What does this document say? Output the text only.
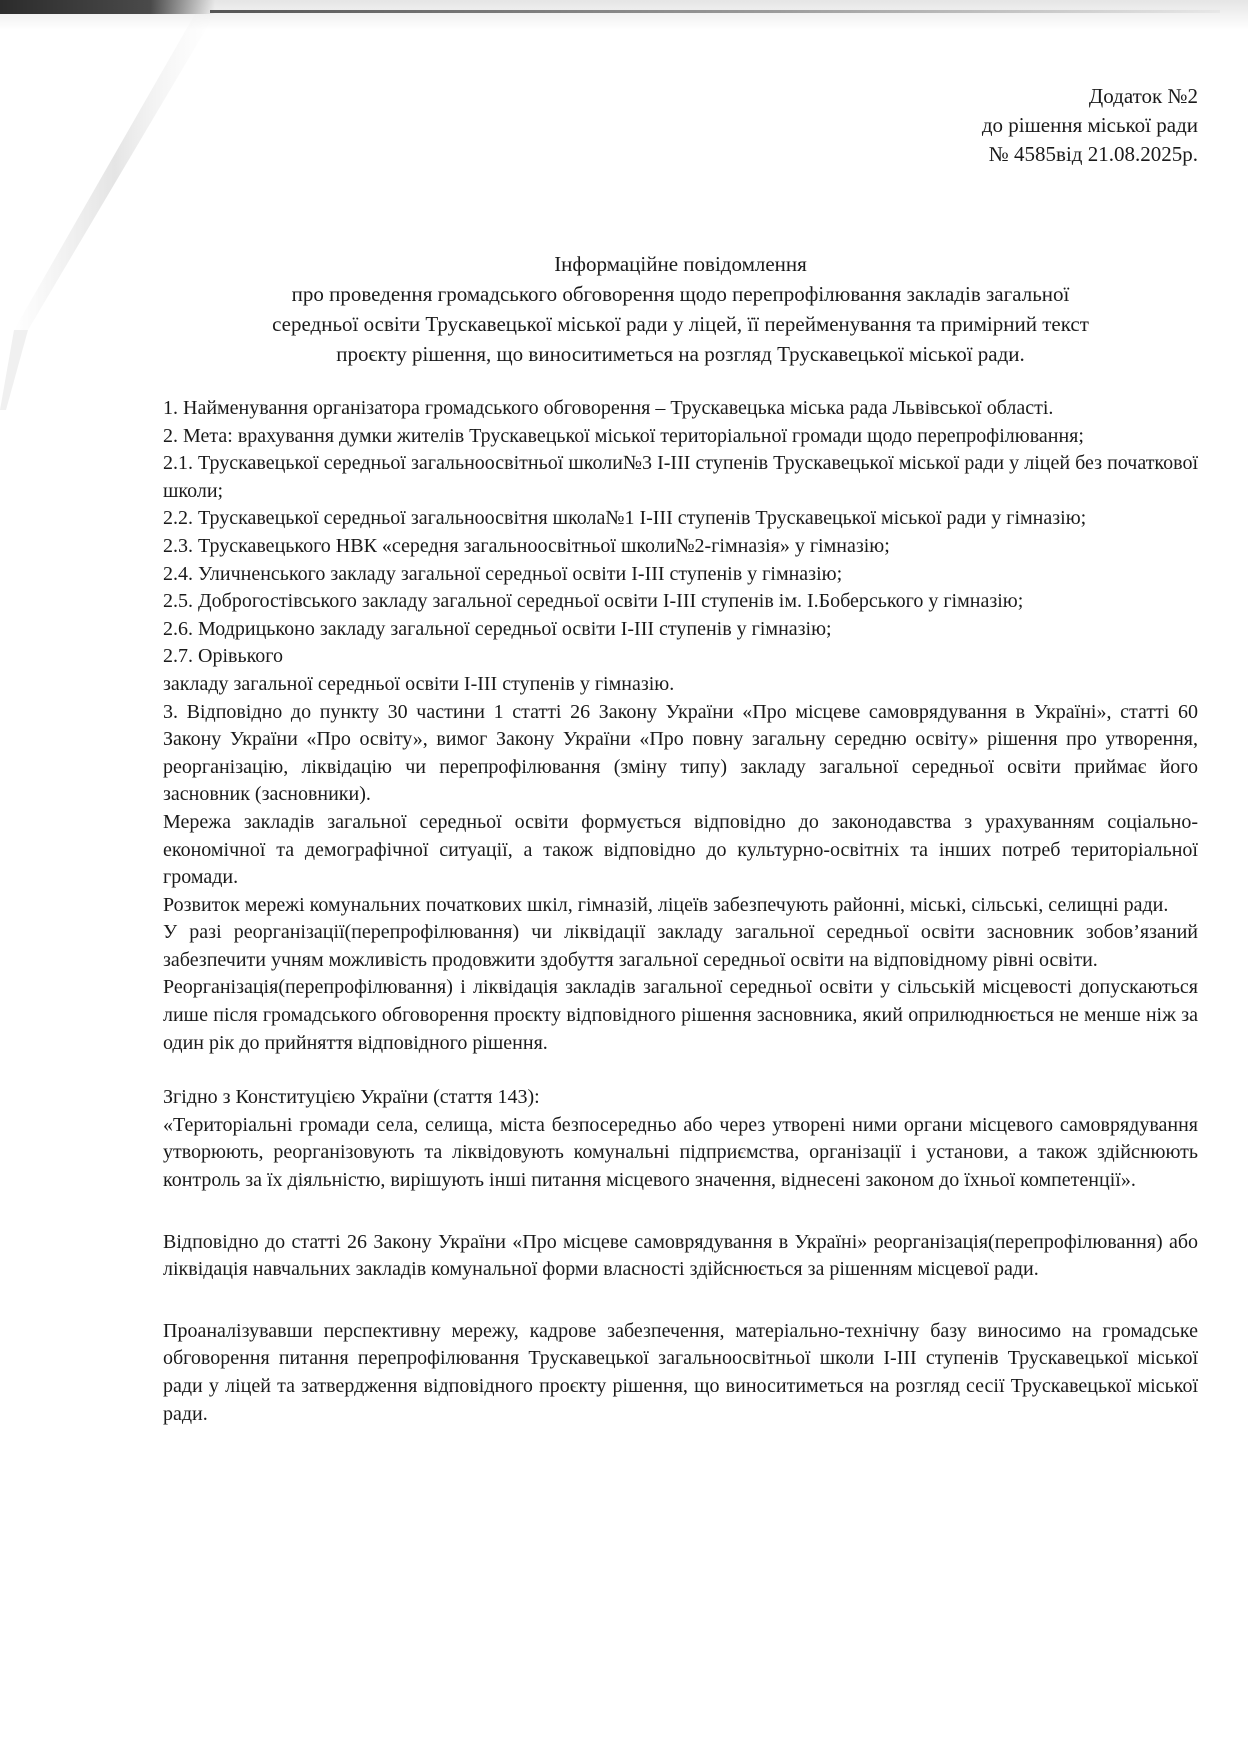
Додаток №2
до рішення міської ради
№ 4585від 21.08.2025р.
Інформаційне повідомлення
про проведення громадського обговорення щодо перепрофілювання закладів загальної
середньої освіти Трускавецької міської ради у ліцей, її перейменування та примірний текст
проєкту рішення, що виноситиметься на розгляд Трускавецької міської ради.

1. Найменування організатора громадського обговорення – Трускавецька міська рада Львівської області.

2. Мета: врахування думки жителів Трускавецької міської територіальної громади щодо перепрофілювання;

2.1. Трускавецької середньої загальноосвітньої школи№3 І-ІІІ ступенів Трускавецької міської ради у ліцей без початкової школи;

2.2. Трускавецької середньої загальноосвітня школа№1 І-ІІІ ступенів Трускавецької міської ради у гімназію;

2.3. Трускавецького НВК «середня загальноосвітньої школи№2-гімназія» у гімназію;

2.4. Уличненського закладу загальної середньої освіти І-ІІІ ступенів у гімназію;

2.5. Доброгостівського закладу загальної середньої освіти І-ІІІ ступенів ім. І.Боберського у гімназію;

2.6. Модрицьконо закладу загальної середньої освіти І-ІІІ ступенів у гімназію;

2.7. Орівького

закладу загальної середньої освіти І-ІІІ ступенів у гімназію.

3. Відповідно до пункту 30 частини 1 статті 26 Закону України «Про місцеве самоврядування в Україні», статті 60 Закону України «Про освіту», вимог Закону України «Про повну загальну середню освіту» рішення про утворення, реорганізацію, ліквідацію чи перепрофілювання (зміну типу) закладу загальної середньої освіти приймає його засновник (засновники).

Мережа закладів загальної середньої освіти формується відповідно до законодавства з урахуванням соціально-економічної та демографічної ситуації, а також відповідно до культурно-освітніх та інших потреб територіальної громади.

Розвиток мережі комунальних початкових шкіл, гімназій, ліцеїв забезпечують районні, міські, сільські, селищні ради.

У разі реорганізації(перепрофілювання) чи ліквідації закладу загальної середньої освіти засновник зобов’язаний забезпечити учням можливість продовжити здобуття загальної середньої освіти на відповідному рівні освіти.

Реорганізація(перепрофілювання) і ліквідація закладів загальної середньої освіти у сільській місцевості допускаються лише після громадського обговорення проєкту відповідного рішення засновника, який оприлюднюється не менше ніж за один рік до прийняття відповідного рішення.

Згідно з Конституцією України (стаття 143):

«Територіальні громади села, селища, міста безпосередньо або через утворені ними органи місцевого самоврядування утворюють, реорганізовують та ліквідовують комунальні підприємства, організації і установи, а також здійснюють контроль за їх діяльністю, вирішують інші питання місцевого значення, віднесені законом до їхньої компетенції».

Відповідно до статті 26 Закону України «Про місцеве самоврядування в Україні» реорганізація(перепрофілювання) або ліквідація навчальних закладів комунальної форми власності здійснюється за рішенням місцевої ради.

Проаналізувавши перспективну мережу, кадрове забезпечення, матеріально-технічну базу виносимо на громадське обговорення питання перепрофілювання Трускавецької загальноосвітньої школи І-ІІІ ступенів Трускавецької міської ради у ліцей та затвердження відповідного проєкту рішення, що виноситиметься на розгляд сесії Трускавецької міської ради.
